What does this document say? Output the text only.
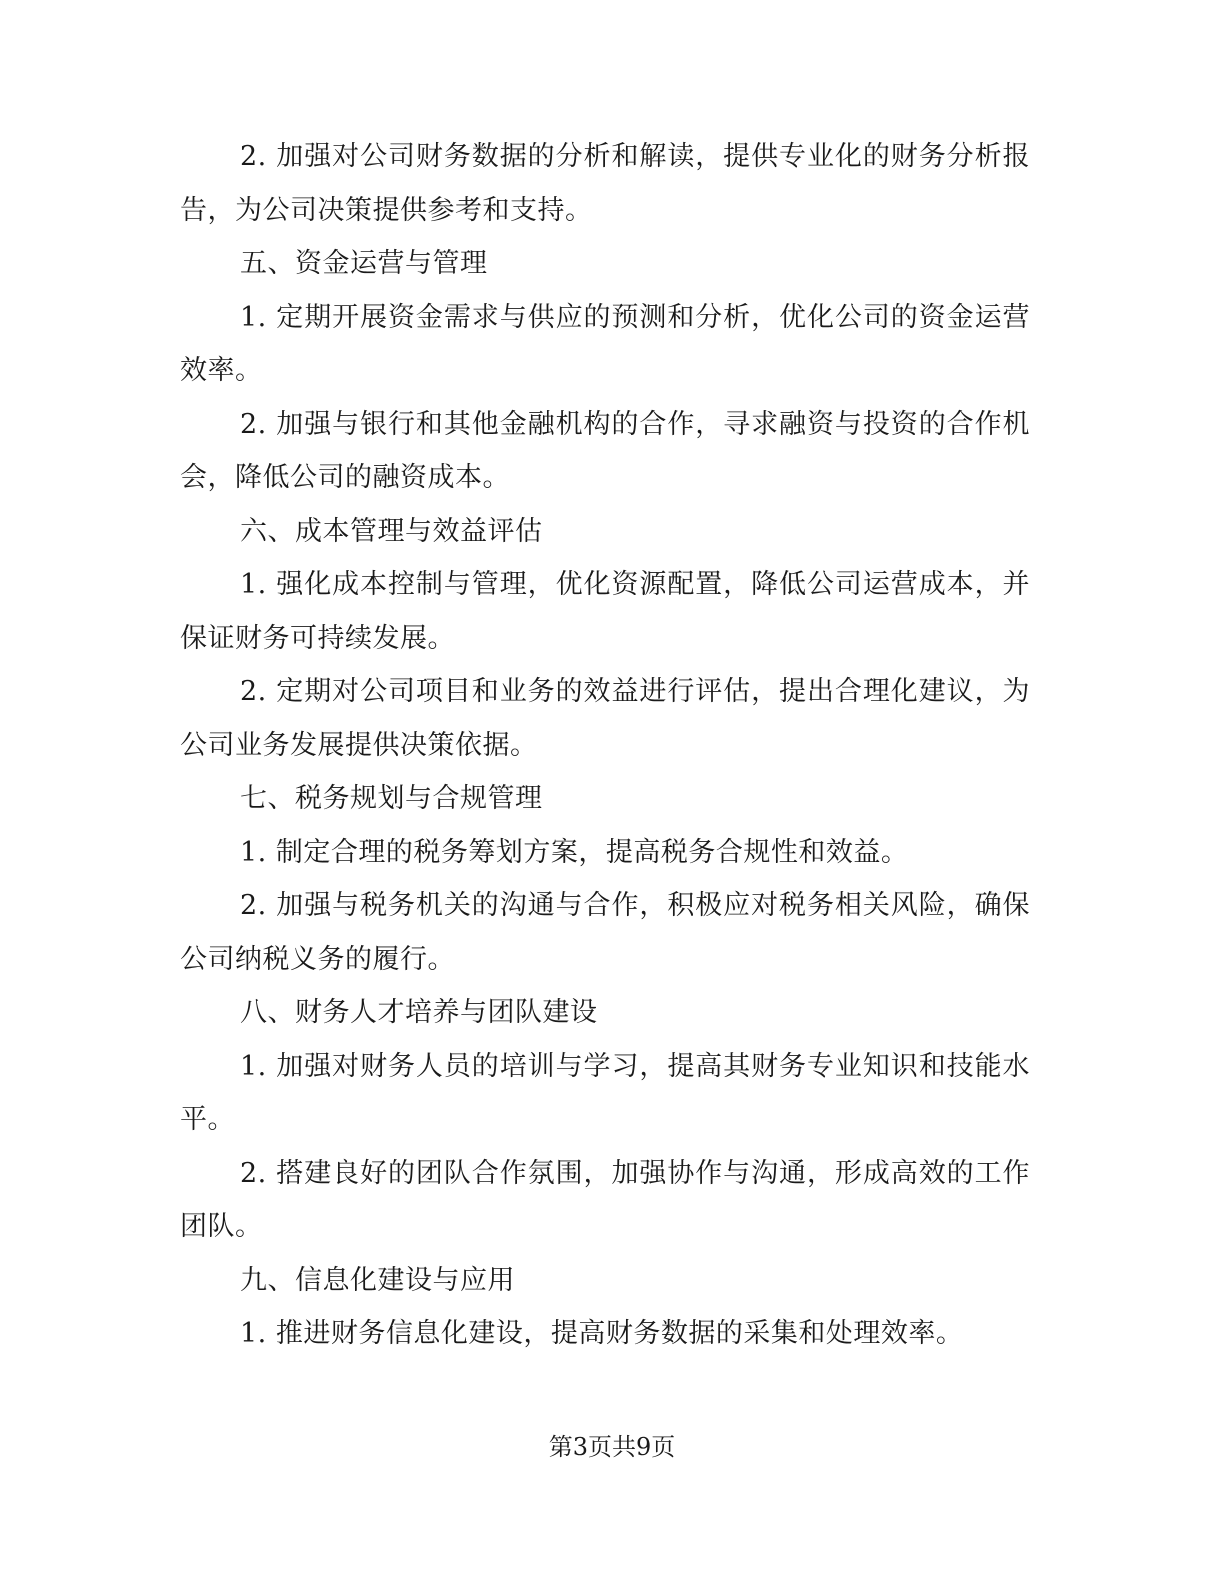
2. 加强对公司财务数据的分析和解读，提供专业化的财务分析报告，为公司决策提供参考和支持。

五、资金运营与管理

1. 定期开展资金需求与供应的预测和分析，优化公司的资金运营效率。

2. 加强与银行和其他金融机构的合作，寻求融资与投资的合作机会，降低公司的融资成本。

六、成本管理与效益评估

1. 强化成本控制与管理，优化资源配置，降低公司运营成本，并保证财务可持续发展。

2. 定期对公司项目和业务的效益进行评估，提出合理化建议，为公司业务发展提供决策依据。

七、税务规划与合规管理

1. 制定合理的税务筹划方案，提高税务合规性和效益。

2. 加强与税务机关的沟通与合作，积极应对税务相关风险，确保公司纳税义务的履行。

八、财务人才培养与团队建设

1. 加强对财务人员的培训与学习，提高其财务专业知识和技能水平。

2. 搭建良好的团队合作氛围，加强协作与沟通，形成高效的工作团队。

九、信息化建设与应用

1. 推进财务信息化建设，提高财务数据的采集和处理效率。

第3页共9页
